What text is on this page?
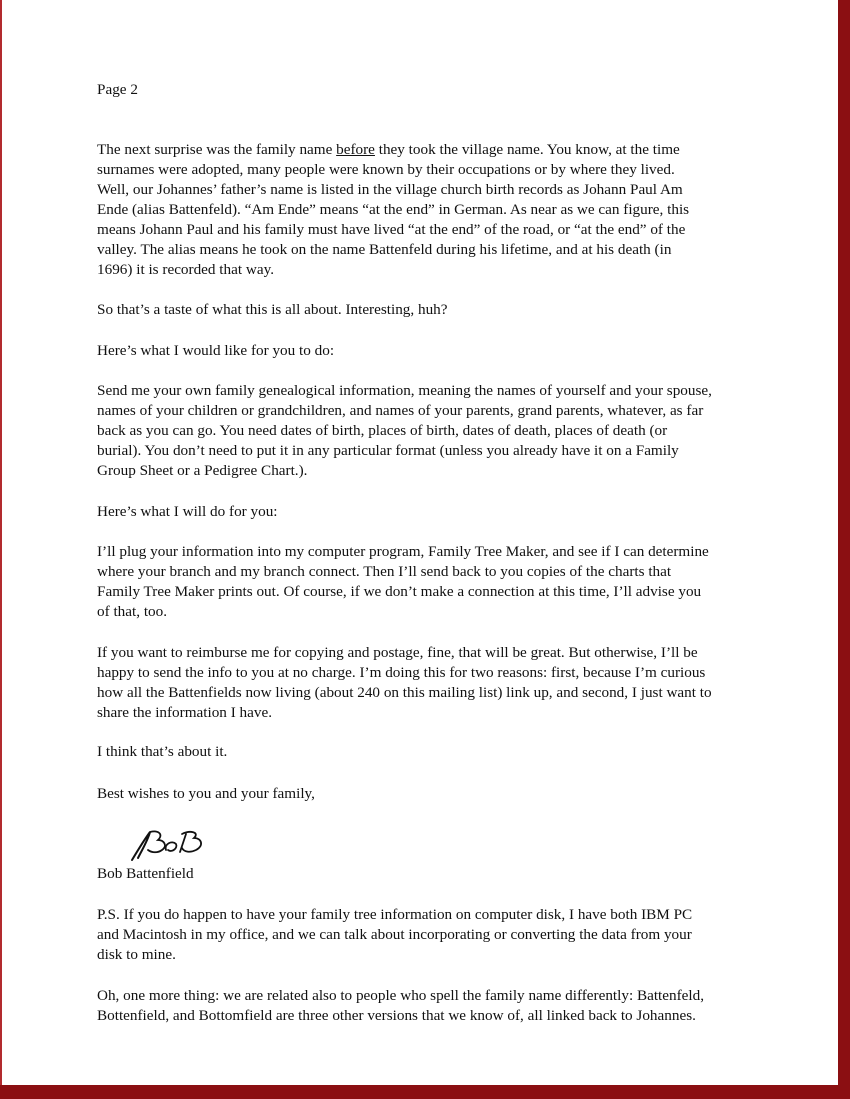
Page 2
The next surprise was the family name before they took the village name. You know, at the time
surnames were adopted, many people were known by their occupations or by where they lived.
Well, our Johannes’ father’s name is listed in the village church birth records as Johann Paul Am
Ende (alias Battenfeld). “Am Ende” means “at the end” in German. As near as we can figure, this
means Johann Paul and his family must have lived “at the end” of the road, or “at the end” of the
valley. The alias means he took on the name Battenfeld during his lifetime, and at his death (in
1696) it is recorded that way.
So that’s a taste of what this is all about. Interesting, huh?
Here’s what I would like for you to do:
Send me your own family genealogical information, meaning the names of yourself and your spouse,
names of your children or grandchildren, and names of your parents, grand parents, whatever, as far
back as you can go. You need dates of birth, places of birth, dates of death, places of death (or
burial). You don’t need to put it in any particular format (unless you already have it on a Family
Group Sheet or a Pedigree Chart.).
Here’s what I will do for you:
I’ll plug your information into my computer program, Family Tree Maker, and see if I can determine
where your branch and my branch connect. Then I’ll send back to you copies of the charts that
Family Tree Maker prints out. Of course, if we don’t make a connection at this time, I’ll advise you
of that, too.
If you want to reimburse me for copying and postage, fine, that will be great. But otherwise, I’ll be
happy to send the info to you at no charge. I’m doing this for two reasons: first, because I’m curious
how all the Battenfields now living (about 240 on this mailing list) link up, and second, I just want to
share the information I have.
I think that’s about it.
Best wishes to you and your family,
Bob Battenfield
P.S. If you do happen to have your family tree information on computer disk, I have both IBM PC
and Macintosh in my office, and we can talk about incorporating or converting the data from your
disk to mine.
Oh, one more thing: we are related also to people who spell the family name differently: Battenfeld,
Bottenfield, and Bottomfield are three other versions that we know of, all linked back to Johannes.
